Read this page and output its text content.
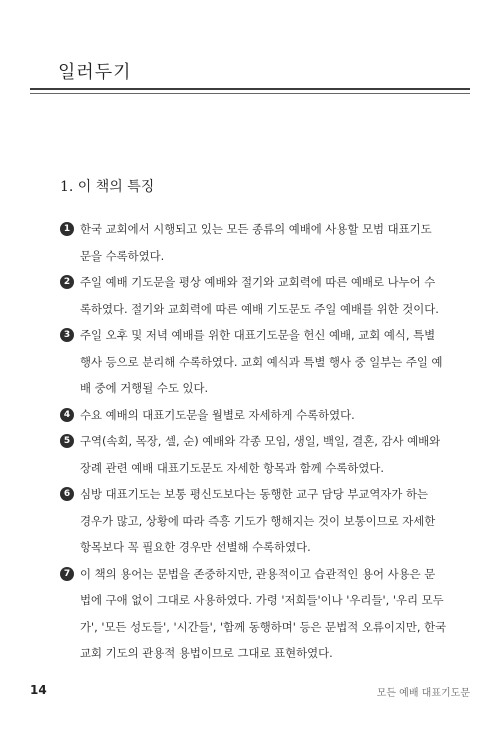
일러두기
1. 이 책의 특징
1 한국 교회에서 시행되고 있는 모든 종류의 예배에 사용할 모범 대표기도
문을 수록하였다.
2 주일 예배 기도문을 평상 예배와 절기와 교회력에 따른 예배로 나누어 수
록하였다. 절기와 교회력에 따른 예배 기도문도 주일 예배를 위한 것이다.
3 주일 오후 및 저녁 예배를 위한 대표기도문을 헌신 예배, 교회 예식, 특별
행사 등으로 분리해 수록하였다. 교회 예식과 특별 행사 중 일부는 주일 예
배 중에 거행될 수도 있다.
4 수요 예배의 대표기도문을 월별로 자세하게 수록하였다.
5 구역(속회, 목장, 셀, 순) 예배와 각종 모임, 생일, 백일, 결혼, 감사 예배와
장례 관련 예배 대표기도문도 자세한 항목과 함께 수록하였다.
6 심방 대표기도는 보통 평신도보다는 동행한 교구 담당 부교역자가 하는
경우가 많고, 상황에 따라 즉흥 기도가 행해지는 것이 보통이므로 자세한
항목보다 꼭 필요한 경우만 선별해 수록하였다.
7 이 책의 용어는 문법을 존중하지만, 관용적이고 습관적인 용어 사용은 문
법에 구애 없이 그대로 사용하였다. 가령 '저희들'이나 '우리들', '우리 모두
가', '모든 성도들', '시간들', '함께 동행하며' 등은 문법적 오류이지만, 한국
교회 기도의 관용적 용법이므로 그대로 표현하였다.
14	모든 예배 대표기도문
